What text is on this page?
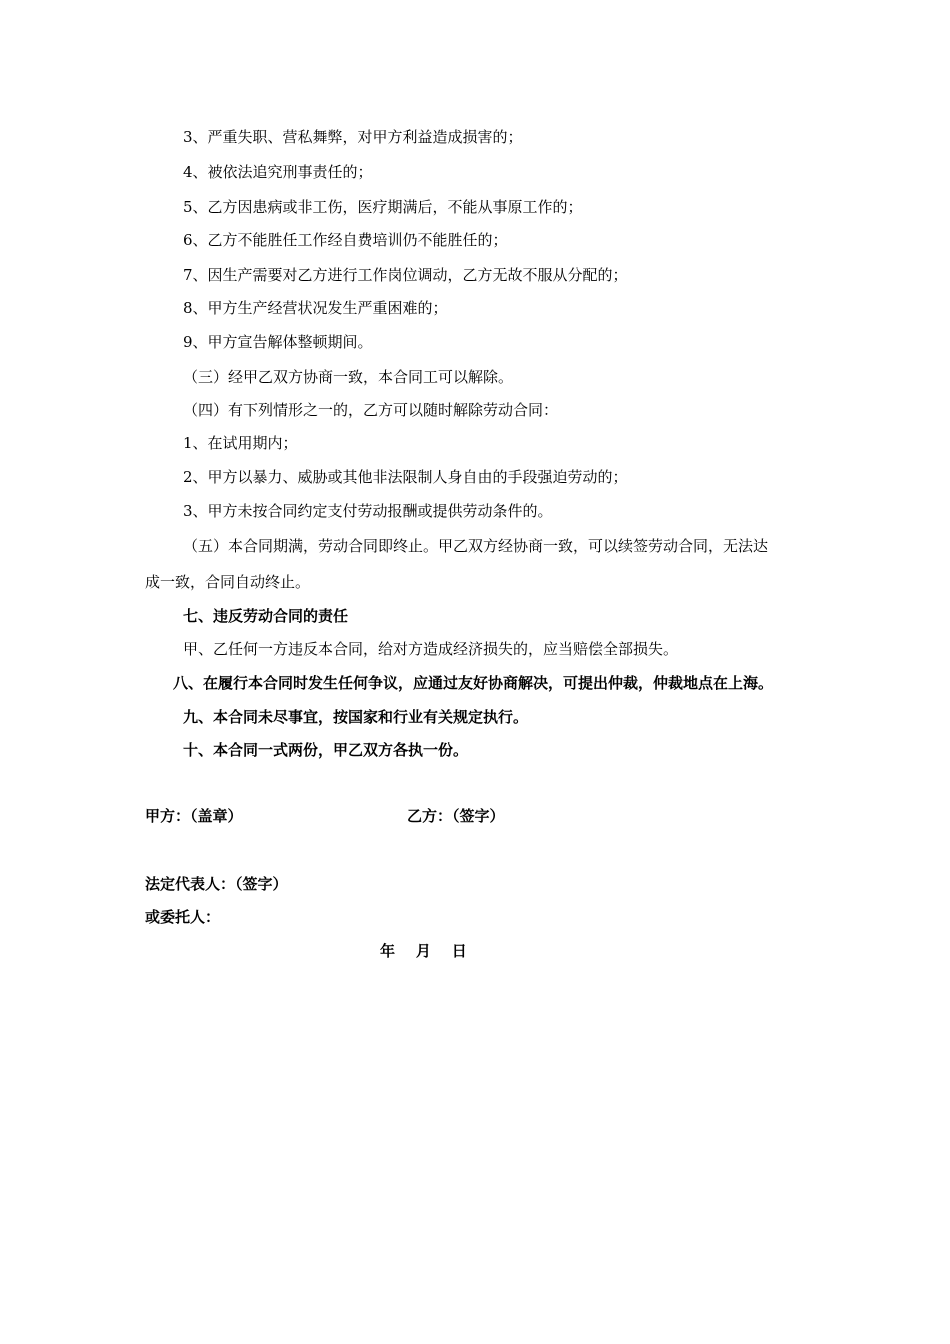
3、严重失职、营私舞弊，对甲方利益造成损害的；
4、被依法追究刑事责任的；
5、乙方因患病或非工伤，医疗期满后，不能从事原工作的；
6、乙方不能胜任工作经自费培训仍不能胜任的；
7、因生产需要对乙方进行工作岗位调动，乙方无故不服从分配的；
8、甲方生产经营状况发生严重困难的；
9、甲方宣告解体整顿期间。
（三）经甲乙双方协商一致，本合同工可以解除。
（四）有下列情形之一的，乙方可以随时解除劳动合同：
1、在试用期内；
2、甲方以暴力、威胁或其他非法限制人身自由的手段强迫劳动的；
3、甲方未按合同约定支付劳动报酬或提供劳动条件的。
（五）本合同期满，劳动合同即终止。甲乙双方经协商一致，可以续签劳动合同，无法达
成一致，合同自动终止。
七、违反劳动合同的责任
甲、乙任何一方违反本合同，给对方造成经济损失的，应当赔偿全部损失。
八、在履行本合同时发生任何争议，应通过友好协商解决，可提出仲裁，仲裁地点在上海。
九、本合同未尽事宜，按国家和行业有关规定执行。
十、本合同一式两份，甲乙双方各执一份。
甲方：（盖章）	乙方：（签字）
法定代表人：（签字）
或委托人：
年    月    日
